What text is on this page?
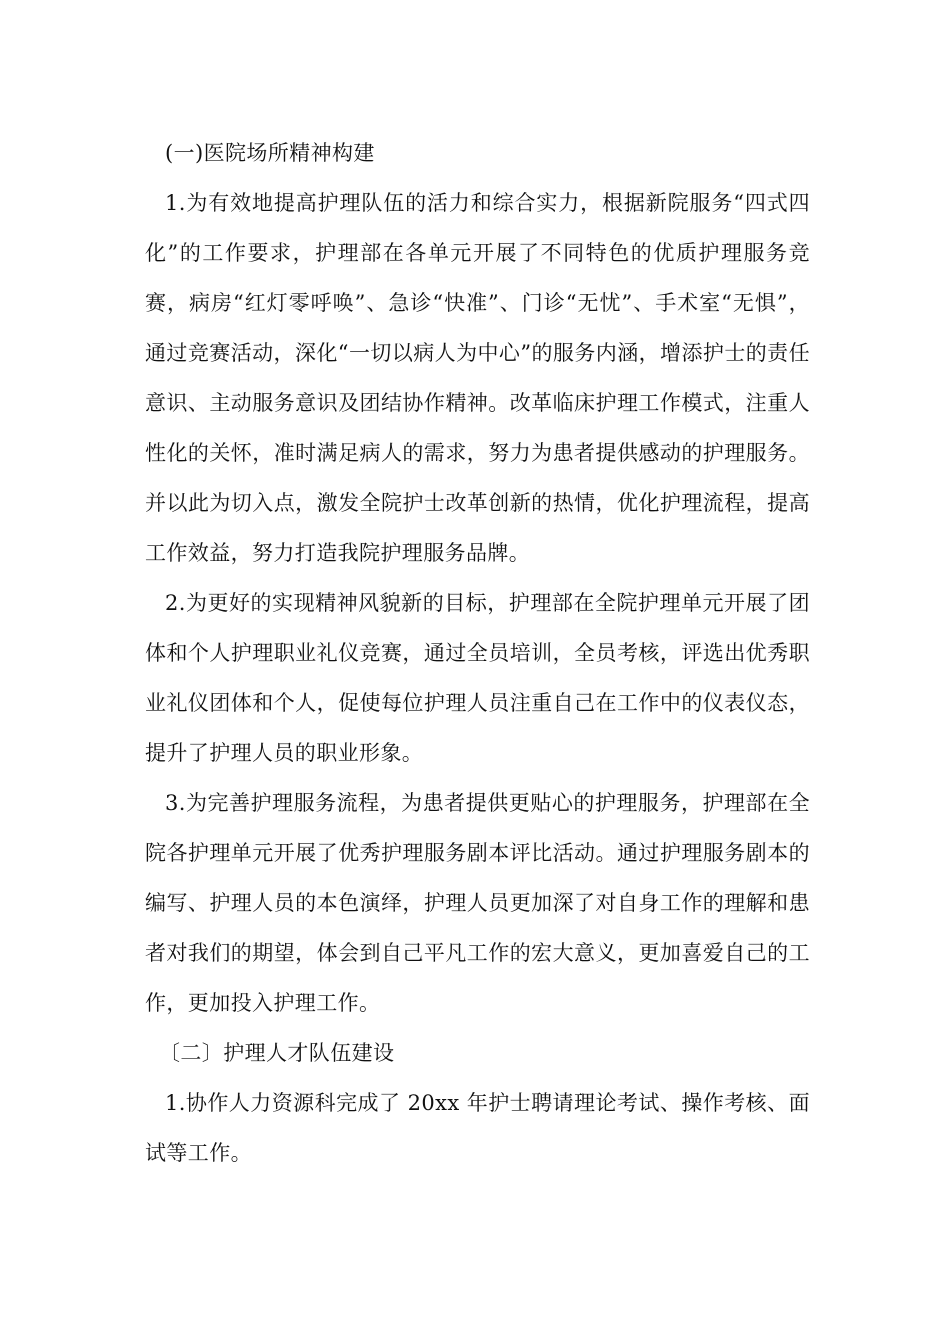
(一)医院场所精神构建

1.为有效地提高护理队伍的活力和综合实力，根据新院服务“四式四化”的工作要求，护理部在各单元开展了不同特色的优质护理服务竞赛，病房“红灯零呼唤”、急诊“快准”、门诊“无忧”、手术室“无惧”，通过竞赛活动，深化“一切以病人为中心”的服务内涵，增添护士的责任意识、主动服务意识及团结协作精神。改革临床护理工作模式，注重人性化的关怀，准时满足病人的需求，努力为患者提供感动的护理服务。并以此为切入点，激发全院护士改革创新的热情，优化护理流程，提高工作效益，努力打造我院护理服务品牌。

2.为更好的实现精神风貌新的目标，护理部在全院护理单元开展了团体和个人护理职业礼仪竞赛，通过全员培训，全员考核，评选出优秀职业礼仪团体和个人，促使每位护理人员注重自己在工作中的仪表仪态，提升了护理人员的职业形象。

3.为完善护理服务流程，为患者提供更贴心的护理服务，护理部在全院各护理单元开展了优秀护理服务剧本评比活动。通过护理服务剧本的编写、护理人员的本色演绎，护理人员更加深了对自身工作的理解和患者对我们的期望，体会到自己平凡工作的宏大意义，更加喜爱自己的工作，更加投入护理工作。

〔二〕护理人才队伍建设

1.协作人力资源科完成了 20xx 年护士聘请理论考试、操作考核、面试等工作。
